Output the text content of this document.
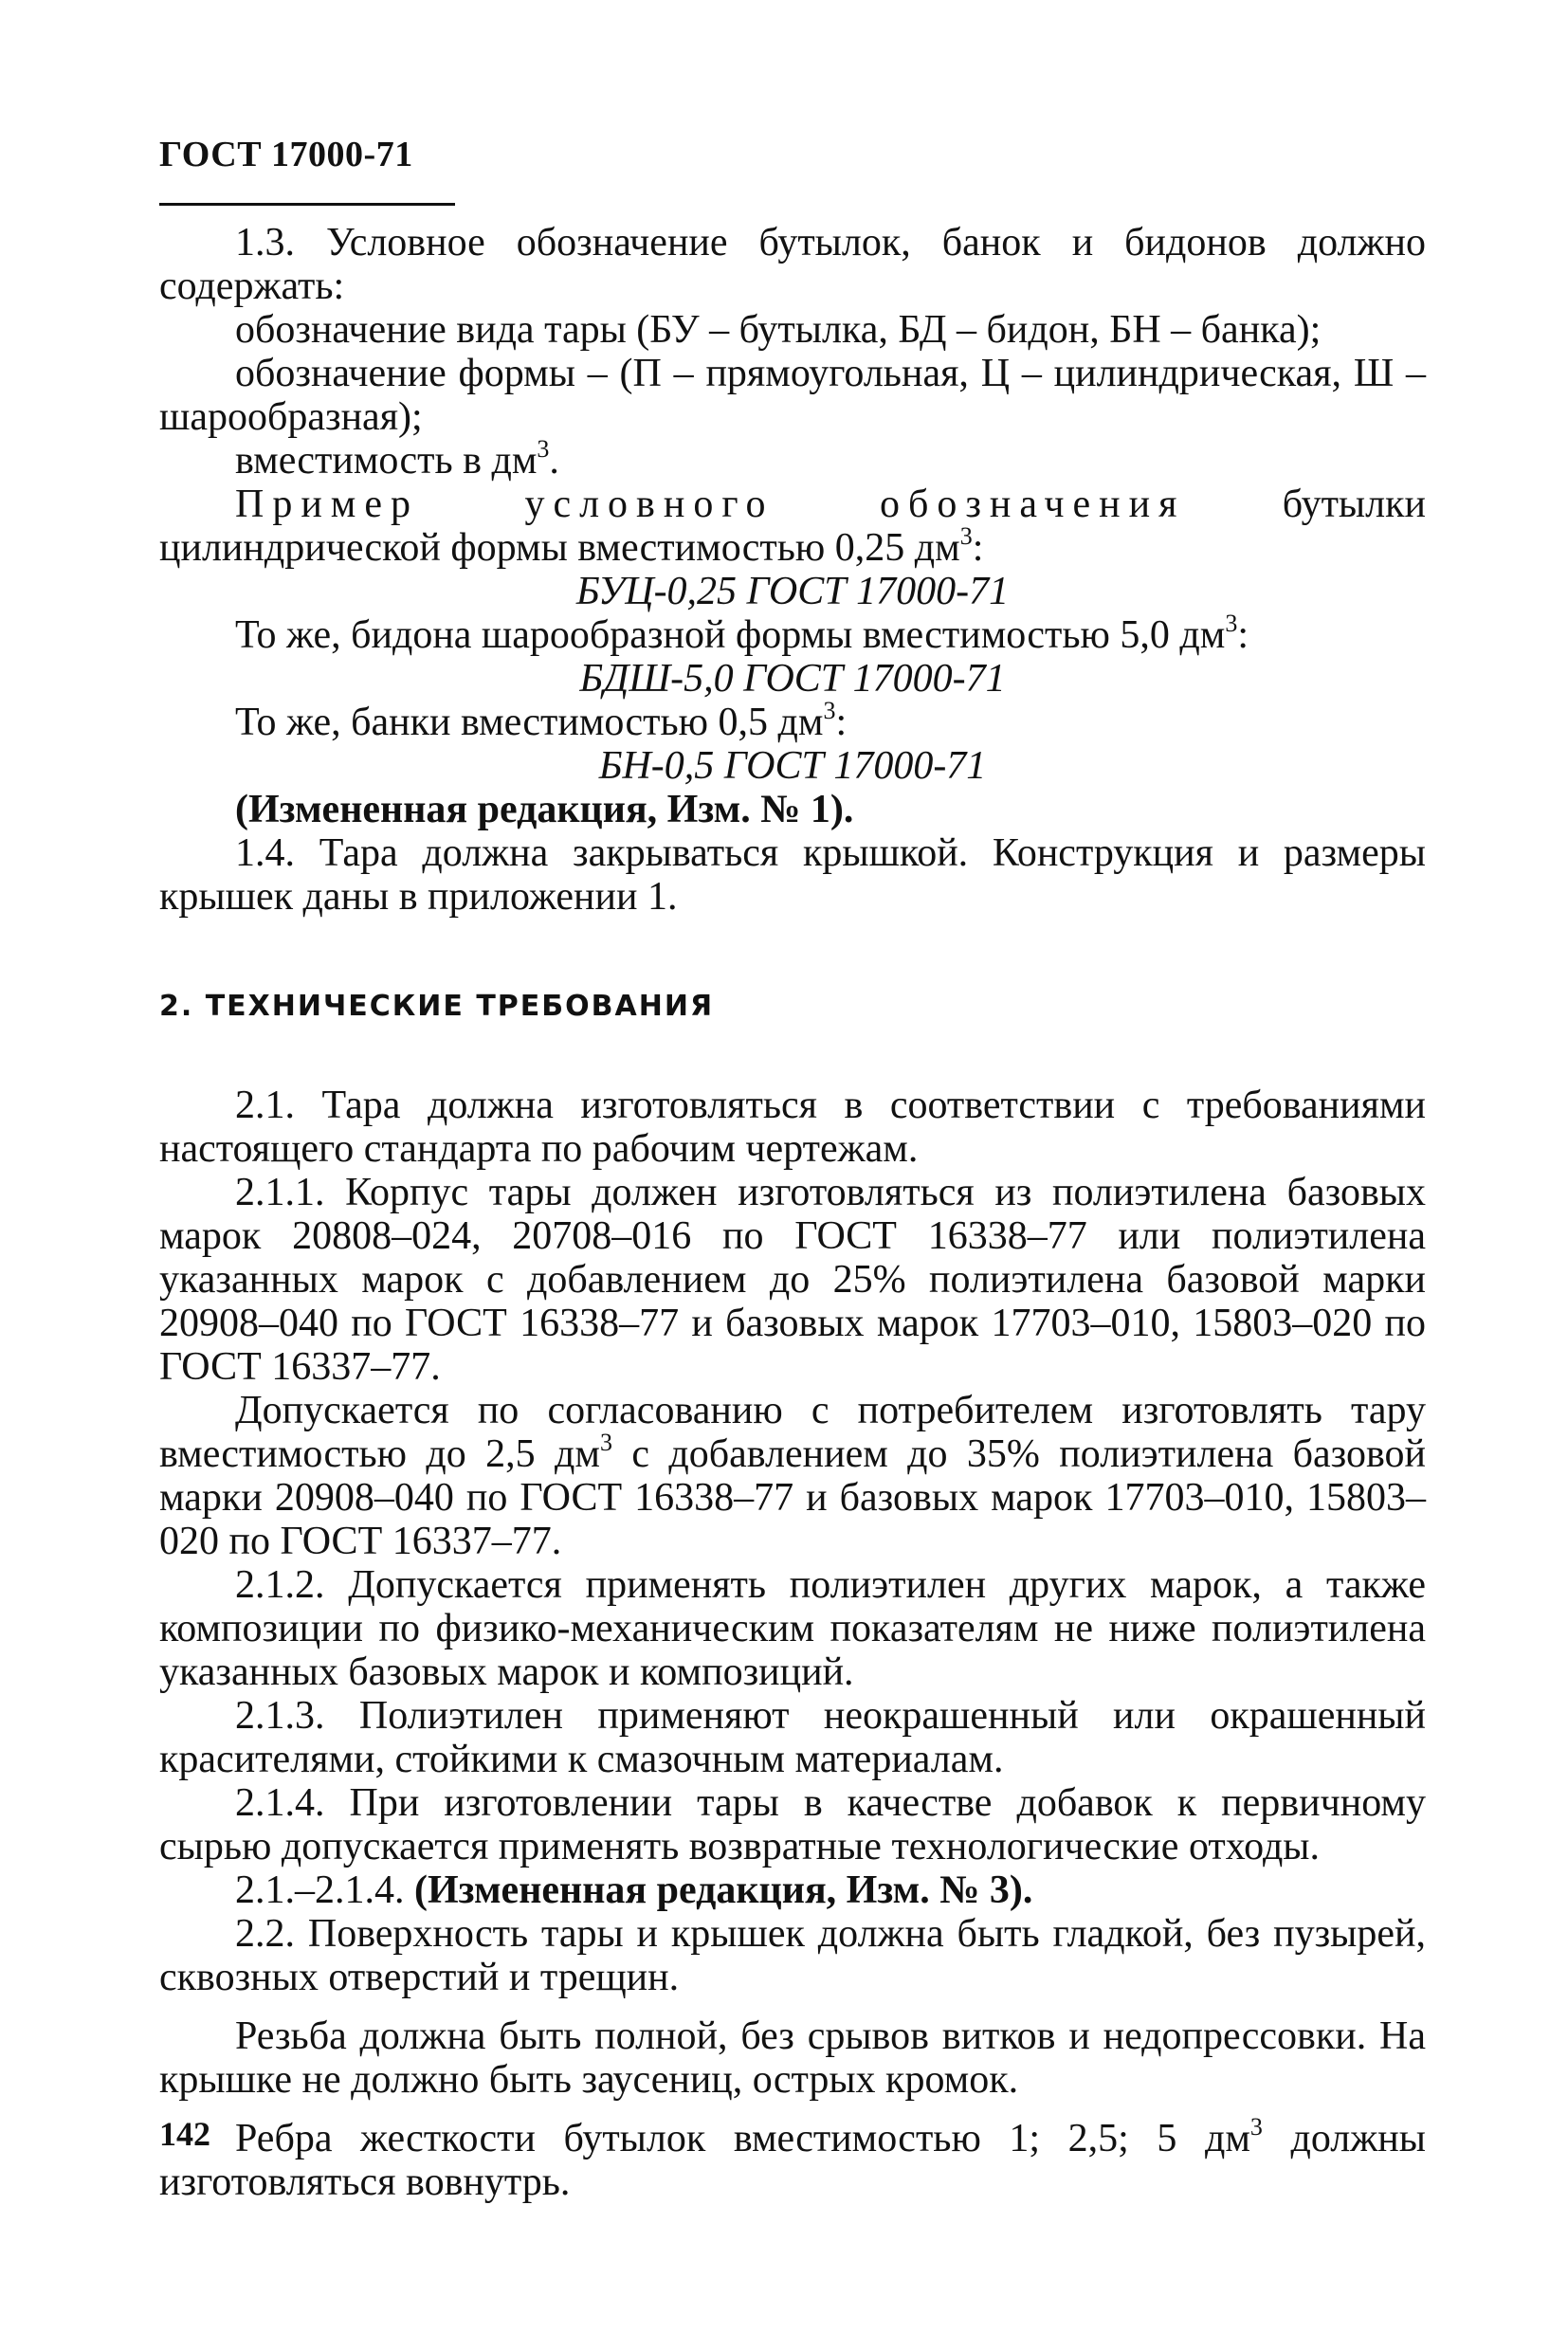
ГОСТ 17000-71

1.3. Условное обозначение бутылок, банок и бидонов должно содержать:

обозначение вида тары (БУ – бутылка, БД – бидон, БН – банка);

обозначение формы – (П – прямоугольная, Ц – цилиндрическая, Ш – шарообразная);

вместимость в $дм^3$.

Пример условного обозначения бутылки цилиндрической формы вместимостью 0,25 $дм^3$:

БУЦ-0,25 ГОСТ 17000-71

То же, бидона шарообразной формы вместимостью 5,0 $дм^3$:

БДШ-5,0 ГОСТ 17000-71

То же, банки вместимостью 0,5 $дм^3$:

БН-0,5 ГОСТ 17000-71

(Измененная редакция, Изм. № 1).

1.4. Тара должна закрываться крышкой. Конструкция и размеры крышек даны в приложении 1.

2. ТЕХНИЧЕСКИЕ ТРЕБОВАНИЯ

2.1. Тара должна изготовляться в соответствии с требованиями настоящего стандарта по рабочим чертежам.

2.1.1. Корпус тары должен изготовляться из полиэтилена базовых марок 20808–024, 20708–016 по ГОСТ 16338–77 или полиэтилена указанных марок с добавлением до 25% полиэтилена базовой марки 20908–040 по ГОСТ 16338–77 и базовых марок 17703–010, 15803–020 по ГОСТ 16337–77.

Допускается по согласованию с потребителем изготовлять тару вместимостью до 2,5 $дм^3$ с добавлением до 35% полиэтилена базовой марки 20908–040 по ГОСТ 16338–77 и базовых марок 17703–010, 15803–020 по ГОСТ 16337–77.

2.1.2. Допускается применять полиэтилен других марок, а также композиции по физико-механическим показателям не ниже полиэтилена указанных базовых марок и композиций.

2.1.3. Полиэтилен применяют неокрашенный или окрашенный красителями, стойкими к смазочным материалам.

2.1.4. При изготовлении тары в качестве добавок к первичному сырью допускается применять возвратные технологические отходы.

2.1.–2.1.4. (Измененная редакция, Изм. № 3).

2.2. Поверхность тары и крышек должна быть гладкой, без пузырей, сквозных отверстий и трещин.

Резьба должна быть полной, без срывов витков и недопрессовки. На крышке не должно быть заусениц, острых кромок.

Ребра жесткости бутылок вместимостью 1; 2,5; 5 $дм^3$ должны изготовляться вовнутрь.

142
